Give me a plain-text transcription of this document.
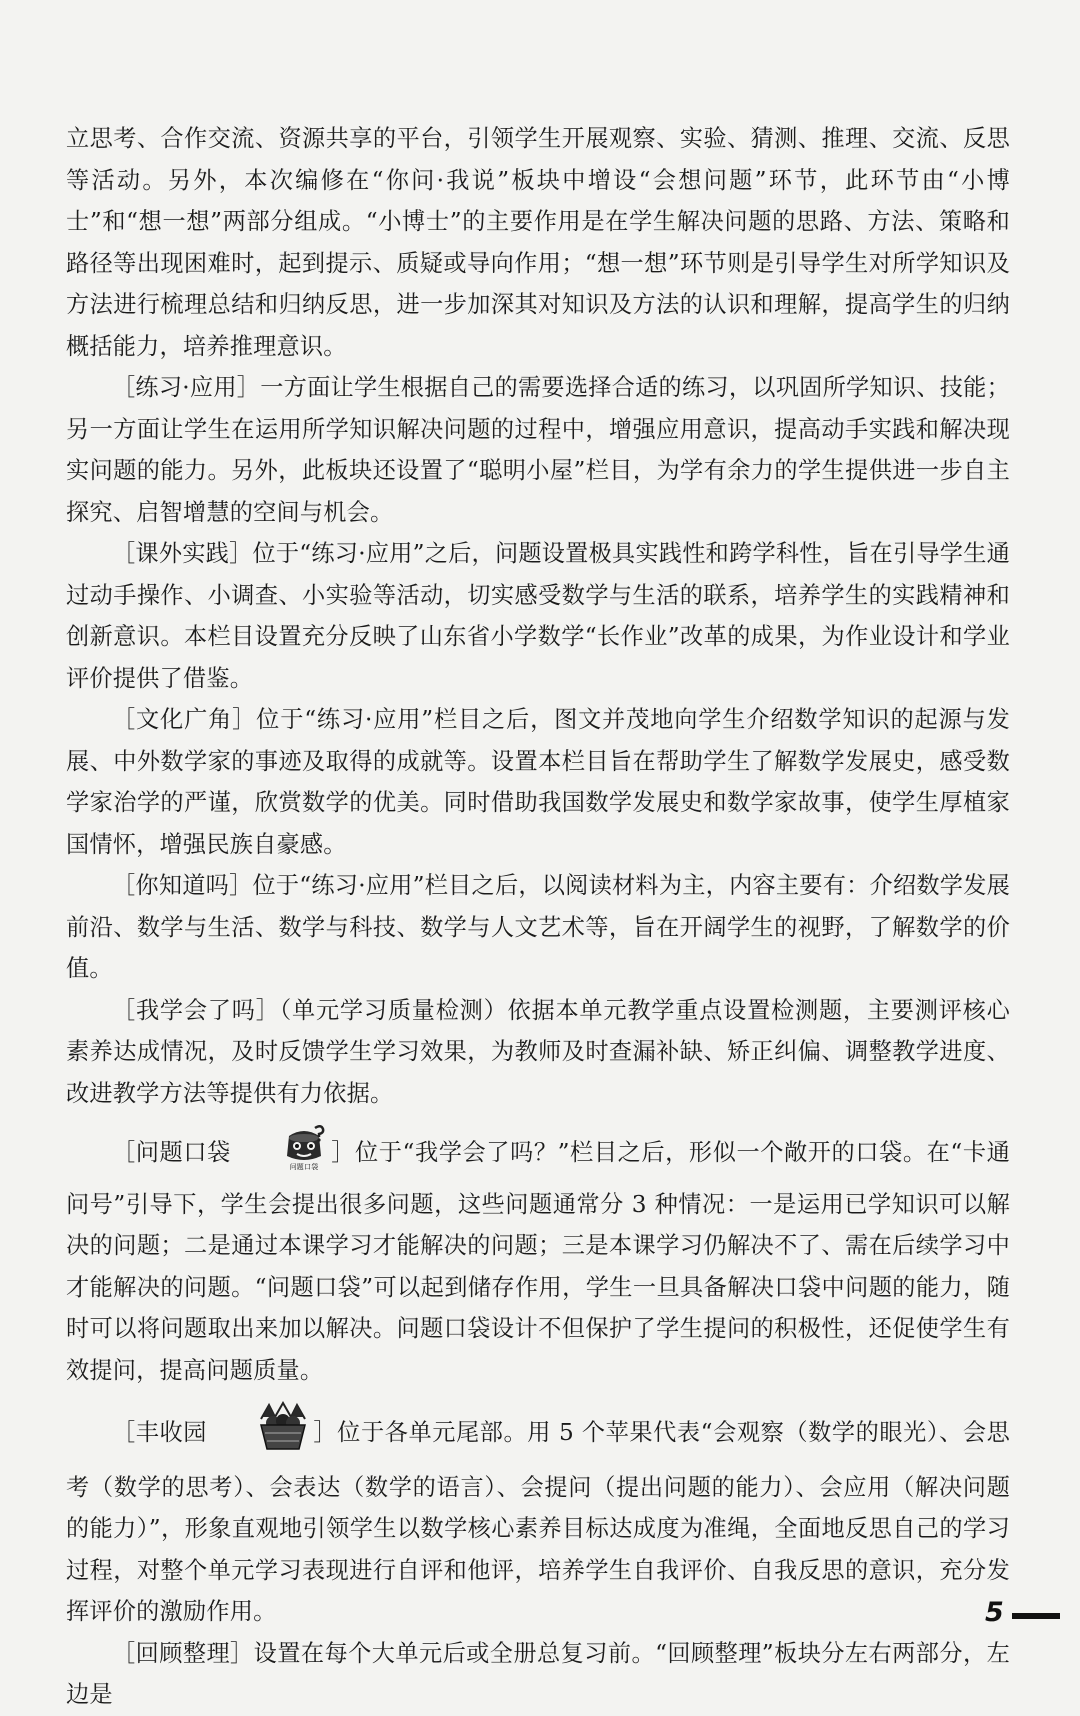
立思考、合作交流、资源共享的平台，引领学生开展观察、实验、猜测、推理、交流、反思等活动。另外，本次编修在“你问·我说”板块中增设“会想问题”环节，此环节由“小博士”和“想一想”两部分组成。“小博士”的主要作用是在学生解决问题的思路、方法、策略和路径等出现困难时，起到提示、质疑或导向作用；“想一想”环节则是引导学生对所学知识及方法进行梳理总结和归纳反思，进一步加深其对知识及方法的认识和理解，提高学生的归纳概括能力，培养推理意识。

［练习·应用］一方面让学生根据自己的需要选择合适的练习，以巩固所学知识、技能；另一方面让学生在运用所学知识解决问题的过程中，增强应用意识，提高动手实践和解决现实问题的能力。另外，此板块还设置了“聪明小屋”栏目，为学有余力的学生提供进一步自主探究、启智增慧的空间与机会。

［课外实践］位于“练习·应用”之后，问题设置极具实践性和跨学科性，旨在引导学生通过动手操作、小调查、小实验等活动，切实感受数学与生活的联系，培养学生的实践精神和创新意识。本栏目设置充分反映了山东省小学数学“长作业”改革的成果，为作业设计和学业评价提供了借鉴。

［文化广角］位于“练习·应用”栏目之后，图文并茂地向学生介绍数学知识的起源与发展、中外数学家的事迹及取得的成就等。设置本栏目旨在帮助学生了解数学发展史，感受数学家治学的严谨，欣赏数学的优美。同时借助我国数学发展史和数学家故事，使学生厚植家国情怀，增强民族自豪感。

［你知道吗］位于“练习·应用”栏目之后，以阅读材料为主，内容主要有：介绍数学发展前沿、数学与生活、数学与科技、数学与人文艺术等，旨在开阔学生的视野，了解数学的价值。

［我学会了吗］（单元学习质量检测）依据本单元教学重点设置检测题，主要测评核心素养达成情况，及时反馈学生学习效果，为教师及时查漏补缺、矫正纠偏、调整教学进度、改进教学方法等提供有力依据。

［问题口袋
问题口袋
］位于“我学会了吗？”栏目之后，形似一个敞开的口袋。在“卡通问号”引导下，学生会提出很多问题，这些问题通常分 3 种情况：一是运用已学知识可以解决的问题；二是通过本课学习才能解决的问题；三是本课学习仍解决不了、需在后续学习中才能解决的问题。“问题口袋”可以起到储存作用，学生一旦具备解决口袋中问题的能力，随时可以将问题取出来加以解决。问题口袋设计不但保护了学生提问的积极性，还促使学生有效提问，提高问题质量。

［丰收园	］位于各单元尾部。用 5 个苹果代表“会观察（数学的眼光）、会思考（数学的思考）、会表达（数学的语言）、会提问（提出问题的能力）、会应用（解决问题的能力）”，形象直观地引领学生以数学核心素养目标达成度为准绳，全面地反思自己的学习过程，对整个单元学习表现进行自评和他评，培养学生自我评价、自我反思的意识，充分发挥评价的激励作用。

［回顾整理］设置在每个大单元后或全册总复习前。“回顾整理”板块分左右两部分，左边是

5
